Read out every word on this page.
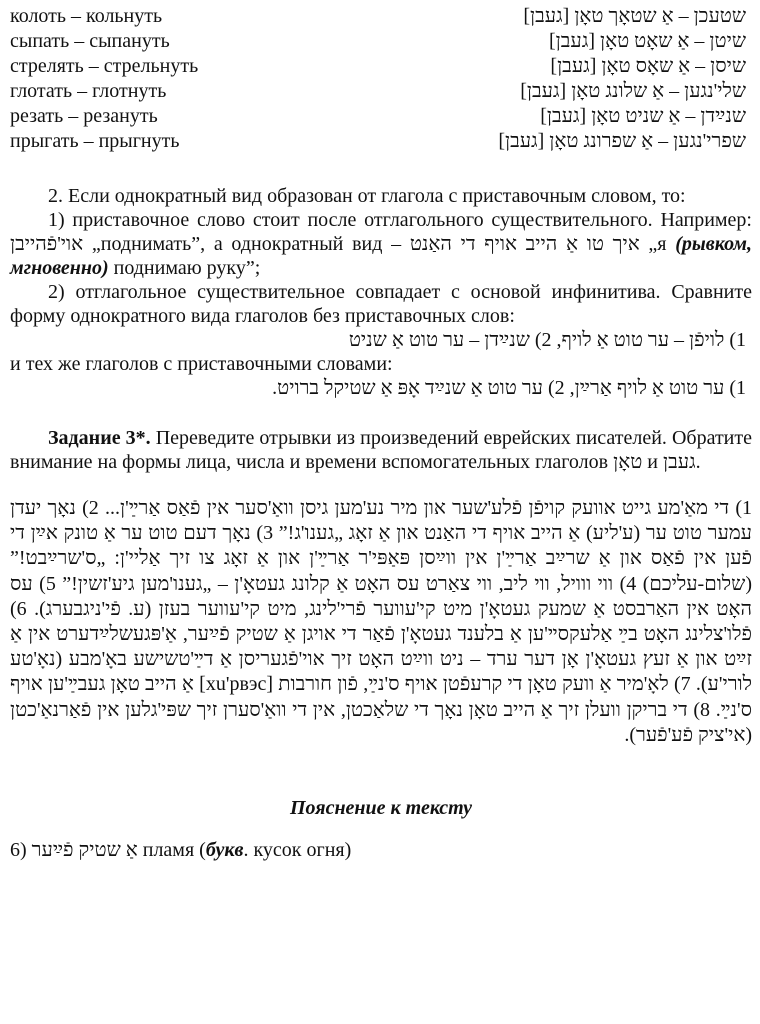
колоть – кольнуть	שטעכן – אַ שטאָך טאָן [גע‌בן]
сыпать – сыпануть	שיטן – אַ שאָט טאָן [גע‌בן]
стрелять – стрельнуть	שיסן – אַ שאָס טאָן [גע‌בן]
глотать – глотнуть	שלי'נגען – אַ שלונג טאָן [גע‌בן]
резать – резануть	שנײַדן – אַ שניט טאָן [גע‌בן]
прыгать – прыгнуть	שפרי'נגען – אַ שפרונג טאָן [גע‌בן]

2. Если однократный вид образован от глагола с приставочным словом, то:

1) приставочное слово стоит после отглагольного существительного. Например: אוי'פֿהייבן „поднимать”, а однократный вид – איך טו אַ הייב אויף די האַנט „я (рывком, мгновенно) поднимаю руку”;

2) отглагольное существительное совпадает с основой инфинитива. Сравните форму однократного вида глаголов без приставочных слов:

1) לויפֿן – ער טוט אַ לויף, 2) שנײַדן – ער טוט אַ שניט

и тех же глаголов с приставочными словами:

1) ער טוט אַ לויף אַרײַן, 2) ער טוט אַ שנײַד אָפּ אַ שטיקל ברויט.

Задание 3*. Переведите отрывки из произведений еврейских писателей. Обратите внимание на формы лица, числа и времени вспомогательных глаголов טאָן и געבן.

1) די מאַ'מע גייט אוועק קויפֿן פֿלע'שער און מיר נע'מען גיסן וואַ'סער אין פֿאַס אַרײַ'ן... 2) נאָך יעדן עמער טוט ער (ע'ליע) אַ הייב אויף די האַנט און אַ זאָג „גענו'ג!” 3) נאָך דעם טוט ער אַ טונק אײַן די פֿען אין פֿאַס און אַ שרײַב אַרײַ'ן אין ווײַסן פּאַפּי'ר אַרײַ'ן און אַ זאָג צו זיך אַליי'ן: „ס'שרײַבט!” (שלום-עליכם) 4) ווי ווויל, ווי ליב, ווי צאַרט עס האָט אַ קלונג געטאָ'ן – „גענו'מען גיע'זשין!” 5) עס האָט אין האַרבסט אַ שמעק געטאָ'ן מיט קי'עווער פֿרי'לינג, מיט קי'עווער בעזן (ע. פֿי'ניגבערג). 6) פֿלו'צלינג האָט בײַ אַלעקסײ'ען אַ בלענד געטאָ'ן פֿאַר די אויגן אַ שטיק פֿײַער, אַ'פּגעשלײַדערט אין אַ זײַט און אַ זעץ געטאָ'ן אָן דער ערד – ניט ווײַט האָט זיך אוי'פֿגעריסן אַ דײַ'טשישע באָ'מבע (נאָ'טע לורי'ע). 7) לאָ'מיר אַ וועק טאָן די קרעפֿטן אויף ס'נײַ, פֿון חורבות [xu'рвэс] אַ הייב טאָן געבײַ'ען אויף ס'נײַ. 8) די בריקן וועלן זיך אַ הייב טאָן נאָך די שלאַכטן, אין די וואַ'סערן זיך שפּי'גלען אין פֿאַרנאַ'כטן (אי'ציק פֿע'פֿער).

Пояснение к тексту

6) אַ שטיק פֿײַער пламя (букв. кусок огня)
